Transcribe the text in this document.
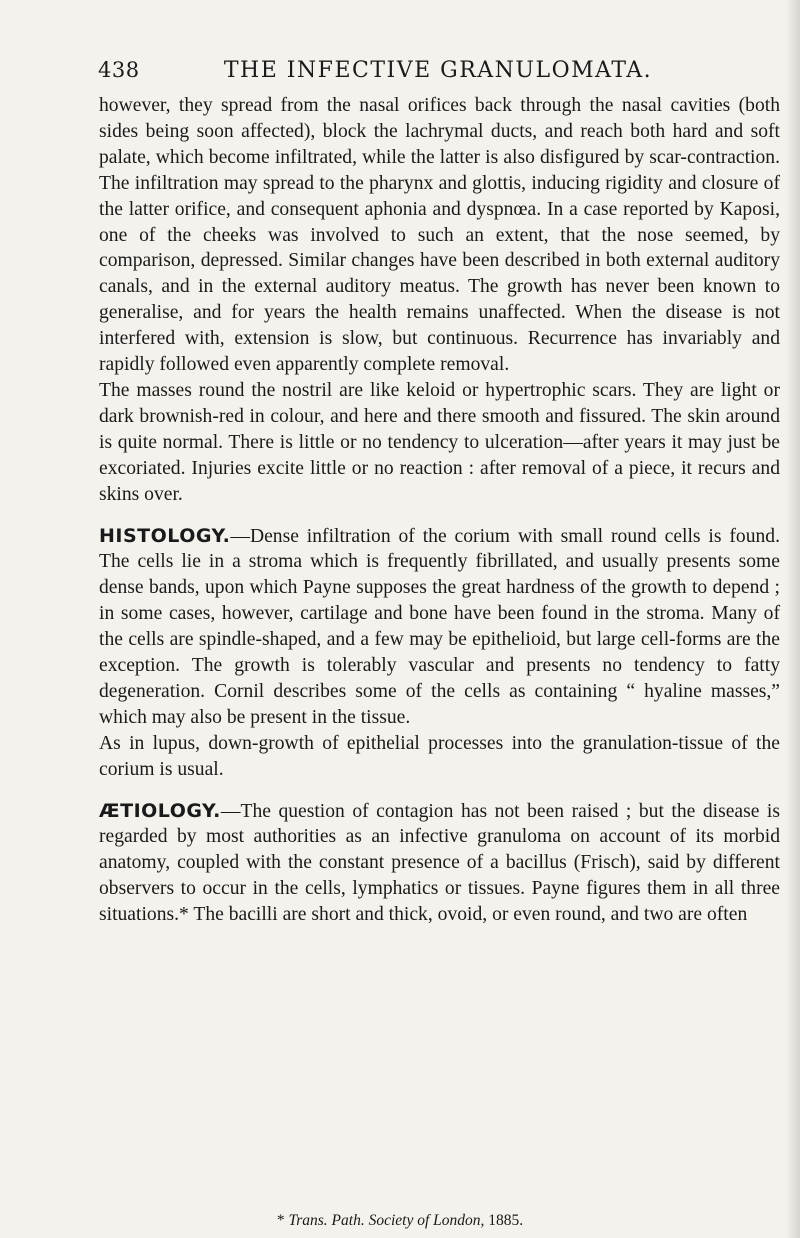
438	THE INFECTIVE GRANULOMATA.

however, they spread from the nasal orifices back through the nasal cavities (both sides being soon affected), block the lachrymal ducts, and reach both hard and soft palate, which become infiltrated, while the latter is also disfigured by scar-contraction. The infiltration may spread to the pharynx and glottis, inducing rigidity and closure of the latter orifice, and consequent aphonia and dyspnœa. In a case reported by Kaposi, one of the cheeks was involved to such an extent, that the nose seemed, by comparison, depressed. Similar changes have been described in both external auditory canals, and in the external auditory meatus. The growth has never been known to generalise, and for years the health remains unaffected. When the disease is not interfered with, extension is slow, but continuous. Recurrence has invariably and rapidly followed even apparently complete removal.

The masses round the nostril are like keloid or hypertrophic scars. They are light or dark brownish-red in colour, and here and there smooth and fissured. The skin around is quite normal. There is little or no tendency to ulceration—after years it may just be excoriated. Injuries excite little or no reaction : after removal of a piece, it recurs and skins over.

HISTOLOGY.—Dense infiltration of the corium with small round cells is found. The cells lie in a stroma which is frequently fibrillated, and usually presents some dense bands, upon which Payne supposes the great hardness of the growth to depend ; in some cases, however, cartilage and bone have been found in the stroma. Many of the cells are spindle-shaped, and a few may be epithelioid, but large cell-forms are the exception. The growth is tolerably vascular and presents no tendency to fatty degeneration. Cornil describes some of the cells as containing “ hyaline masses,” which may also be present in the tissue.

As in lupus, down-growth of epithelial processes into the granulation-tissue of the corium is usual.

ÆTIOLOGY.—The question of contagion has not been raised ; but the disease is regarded by most authorities as an infective granuloma on account of its morbid anatomy, coupled with the constant presence of a bacillus (Frisch), said by different observers to occur in the cells, lymphatics or tissues. Payne figures them in all three situations.* The bacilli are short and thick, ovoid, or even round, and two are often

* Trans. Path. Society of London, 1885.
